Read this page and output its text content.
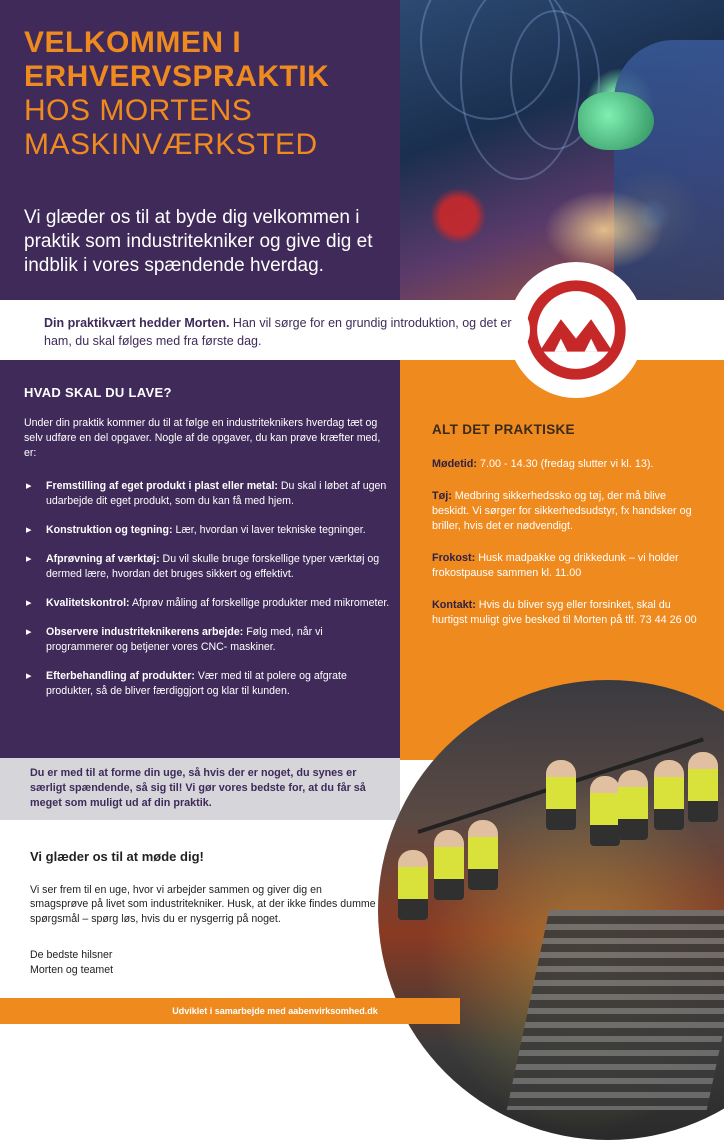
VELKOMMEN I
ERHVERVSPRAKTIK
HOS MORTENS
MASKINVÆRKSTED
Vi glæder os til at byde dig velkommen i praktik som industritekniker og give dig et indblik i vores spændende hverdag.
Din praktikvært hedder Morten. Han vil sørge for en grundig introduktion, og det er ham, du skal følges med fra første dag.
HVAD SKAL DU LAVE?

Under din praktik kommer du til at følge en industriteknikers hverdag tæt og selv udføre en del opgaver. Nogle af de opgaver, du kan prøve kræfter med, er:

▸ Fremstilling af eget produkt i plast eller metal: Du skal i løbet af ugen udarbejde dit eget produkt, som du kan få med hjem.
▸ Konstruktion og tegning: Lær, hvordan vi laver tekniske tegninger.
▸ Afprøvning af værktøj: Du vil skulle bruge forskellige typer værktøj og dermed lære, hvordan det bruges sikkert og effektivt.
▸ Kvalitetskontrol: Afprøv måling af forskellige produkter med mikrometer.
▸ Observere industriteknikerens arbejde: Følg med, når vi programmerer og betjener vores CNC- maskiner.
▸ Efterbehandling af produkter: Vær med til at polere og afgrate produkter, så de bliver færdiggjort og klar til kunden.
ALT DET PRAKTISKE

Mødetid: 7.00 - 14.30 (fredag slutter vi kl. 13).

Tøj: Medbring sikkerhedssko og tøj, der må blive beskidt. Vi sørger for sikkerhedsudstyr, fx handsker og briller, hvis det er nødvendigt.

Frokost: Husk madpakke og drikkedunk – vi holder frokostpause sammen kl. 11.00

Kontakt: Hvis du bliver syg eller forsinket, skal du hurtigst muligt give besked til Morten på tlf. 73 44 26 00

Du er med til at forme din uge, så hvis der er noget, du synes er særligt spændende, så sig til! Vi gør vores bedste for, at du får så meget som muligt ud af din praktik.
Vi glæder os til at møde dig!

Vi ser frem til en uge, hvor vi arbejder sammen og giver dig en smagsprøve på livet som industritekniker. Husk, at der ikke findes dumme spørgsmål – spørg løs, hvis du er nysgerrig på noget.

De bedste hilsner

Morten og teamet

Udviklet i samarbejde med aabenvirksomhed.dk
